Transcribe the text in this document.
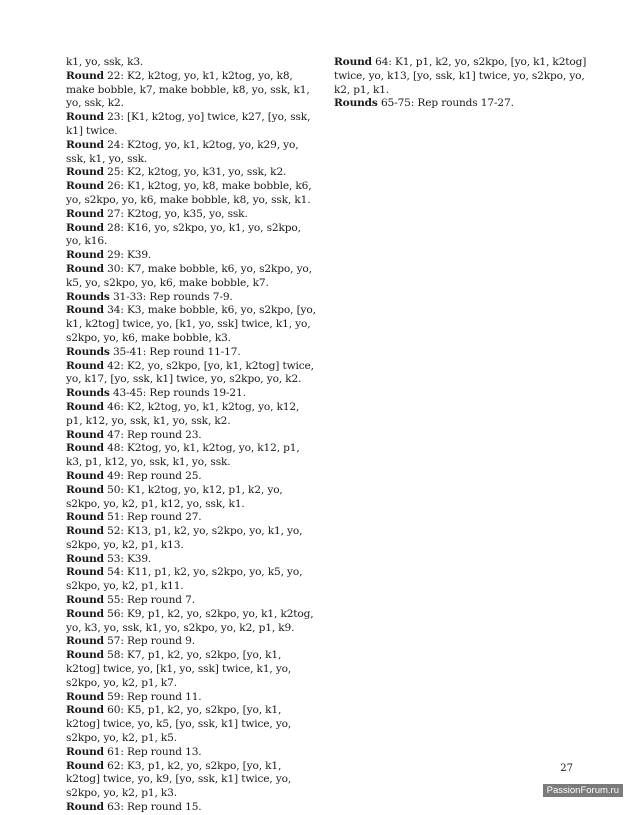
k1, yo, ssk, k3.

Round 22: K2, k2tog, yo, k1, k2tog, yo, k8, make bobble, k7, make bobble, k8, yo, ssk, k1, yo, ssk, k2.

Round 23: [K1, k2tog, yo] twice, k27, [yo, ssk, k1] twice.

Round 24: K2tog, yo, k1, k2tog, yo, k29, yo, ssk, k1, yo, ssk.

Round 25: K2, k2tog, yo, k31, yo, ssk, k2.

Round 26: K1, k2tog, yo, k8, make bobble, k6, yo, s2kpo, yo, k6, make bobble, k8, yo, ssk, k1.

Round 27: K2tog, yo, k35, yo, ssk.

Round 28: K16, yo, s2kpo, yo, k1, yo, s2kpo, yo, k16.

Round 29: K39.

Round 30: K7, make bobble, k6, yo, s2kpo, yo, k5, yo, s2kpo, yo, k6, make bobble, k7.

Rounds 31-33: Rep rounds 7-9.

Round 34: K3, make bobble, k6, yo, s2kpo, [yo, k1, k2tog] twice, yo, [k1, yo, ssk] twice, k1, yo, s2kpo, yo, k6, make bobble, k3.

Rounds 35-41: Rep round 11-17.

Round 42: K2, yo, s2kpo, [yo, k1, k2tog] twice, yo, k17, [yo, ssk, k1] twice, yo, s2kpo, yo, k2.

Rounds 43-45: Rep rounds 19-21.

Round 46: K2, k2tog, yo, k1, k2tog, yo, k12, p1, k12, yo, ssk, k1, yo, ssk, k2.

Round 47: Rep round 23.

Round 48: K2tog, yo, k1, k2tog, yo, k12, p1, k3, p1, k12, yo, ssk, k1, yo, ssk.

Round 49: Rep round 25.

Round 50: K1, k2tog, yo, k12, p1, k2, yo, s2kpo, yo, k2, p1, k12, yo, ssk, k1.

Round 51: Rep round 27.

Round 52: K13, p1, k2, yo, s2kpo, yo, k1, yo, s2kpo, yo, k2, p1, k13.

Round 53: K39.

Round 54: K11, p1, k2, yo, s2kpo, yo, k5, yo, s2kpo, yo, k2, p1, k11.

Round 55: Rep round 7.

Round 56: K9, p1, k2, yo, s2kpo, yo, k1, k2tog, yo, k3, yo, ssk, k1, yo, s2kpo, yo, k2, p1, k9.

Round 57: Rep round 9.

Round 58: K7, p1, k2, yo, s2kpo, [yo, k1, k2tog] twice, yo, [k1, yo, ssk] twice, k1, yo, s2kpo, yo, k2, p1, k7.

Round 59: Rep round 11.

Round 60: K5, p1, k2, yo, s2kpo, [yo, k1, k2tog] twice, yo, k5, [yo, ssk, k1] twice, yo, s2kpo, yo, k2, p1, k5.

Round 61: Rep round 13.

Round 62: K3, p1, k2, yo, s2kpo, [yo, k1, k2tog] twice, yo, k9, [yo, ssk, k1] twice, yo, s2kpo, yo, k2, p1, k3.

Round 63: Rep round 15.

Round 64: K1, p1, k2, yo, s2kpo, [yo, k1, k2tog] twice, yo, k13, [yo, ssk, k1] twice, yo, s2kpo, yo, k2, p1, k1.

Rounds 65-75: Rep rounds 17-27.

27
PassionForum.ru
